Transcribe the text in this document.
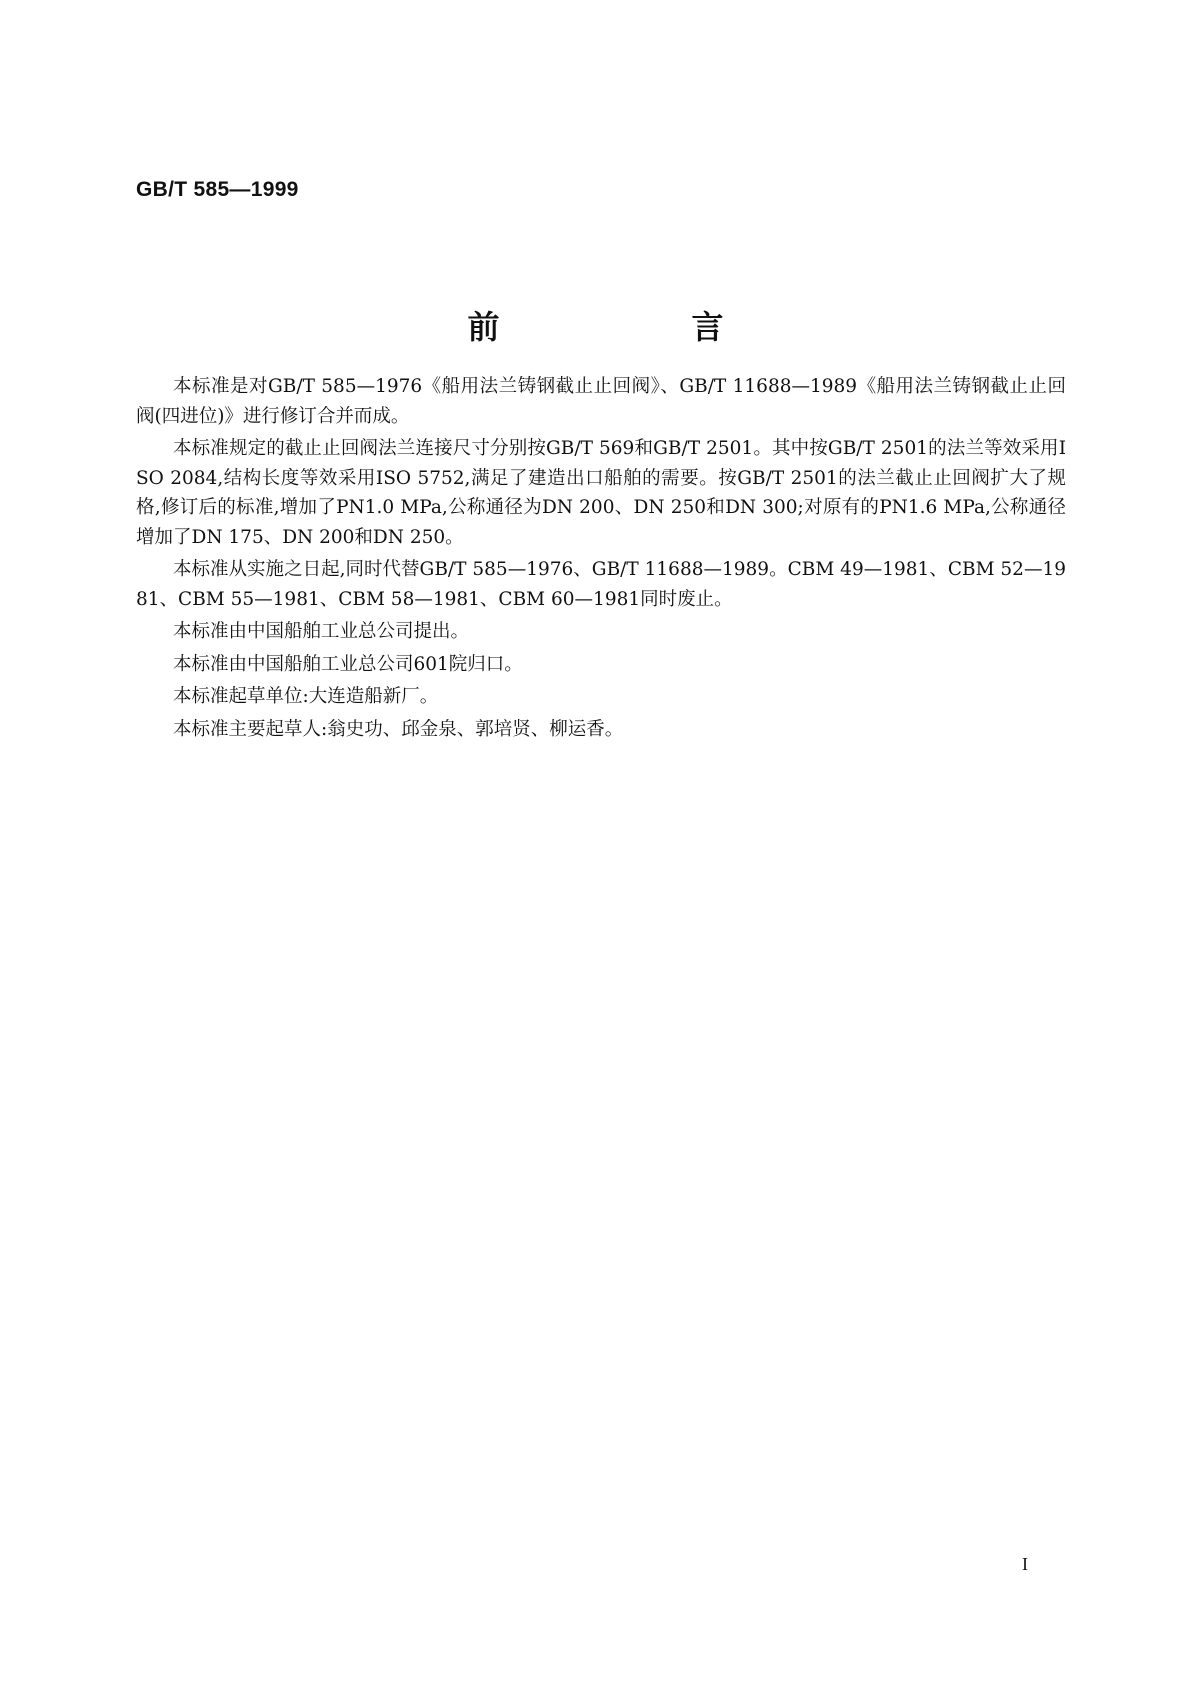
GB/T 585—1999
前　言

本标准是对GB/T 585—1976《船用法兰铸钢截止止回阀》、GB/T 11688—1989《船用法兰铸钢截止止回阀(四进位)》进行修订合并而成。

本标准规定的截止止回阀法兰连接尺寸分别按GB/T 569和GB/T 2501。其中按GB/T 2501的法兰等效采用ISO 2084,结构长度等效采用ISO 5752,满足了建造出口船舶的需要。按GB/T 2501的法兰截止止回阀扩大了规格,修订后的标准,增加了PN1.0 MPa,公称通径为DN 200、DN 250和DN 300;对原有的PN1.6 MPa,公称通径增加了DN 175、DN 200和DN 250。

本标准从实施之日起,同时代替GB/T 585—1976、GB/T 11688—1989。CBM 49—1981、CBM 52—1981、CBM 55—1981、CBM 58—1981、CBM 60—1981同时废止。

本标准由中国船舶工业总公司提出。

本标准由中国船舶工业总公司601院归口。

本标准起草单位:大连造船新厂。

本标准主要起草人:翁史功、邱金泉、郭培贤、柳运香。

I
